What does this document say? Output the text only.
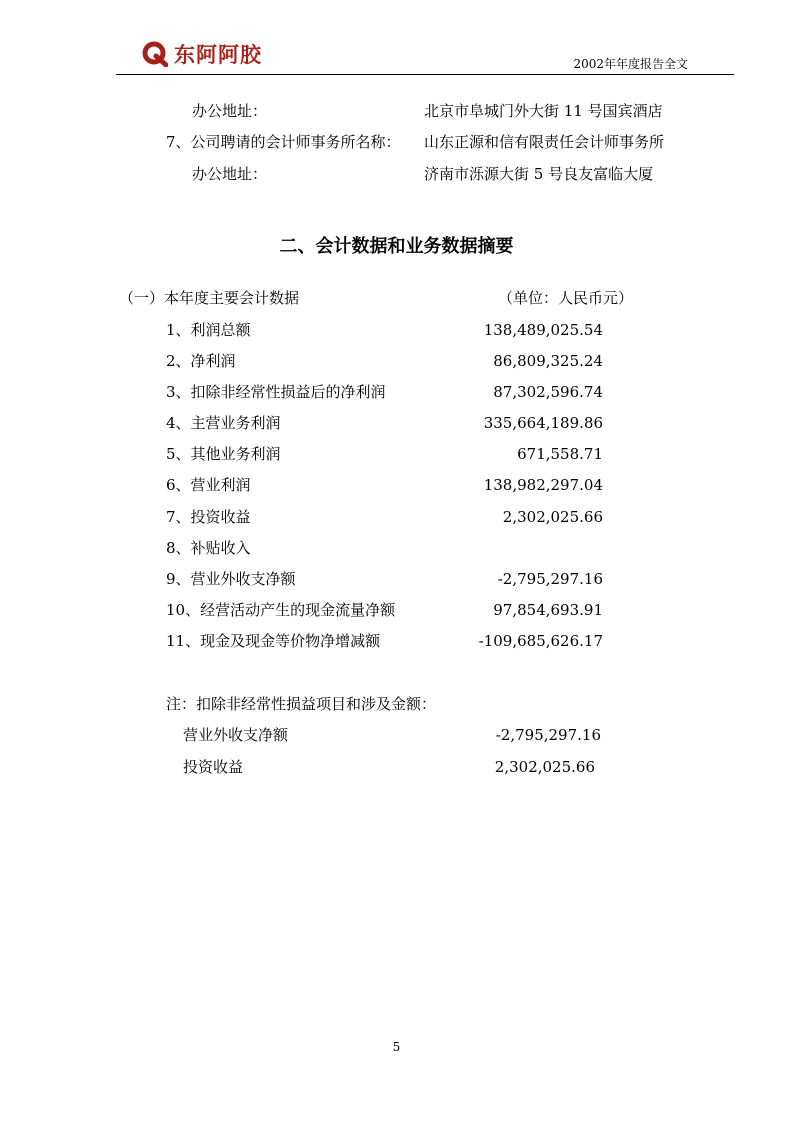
东阿阿胶	2002年年度报告全文
办公地址：	北京市阜城门外大街 11 号国宾酒店
7、公司聘请的会计师事务所名称： 山东正源和信有限责任会计师事务所
办公地址：	济南市泺源大街 5 号良友富临大厦
二、会计数据和业务数据摘要
（一）本年度主要会计数据	（单位：人民币元）
1、利润总额	138,489,025.54
2、净利润	86,809,325.24
3、扣除非经常性损益后的净利润	87,302,596.74
4、主营业务利润	335,664,189.86
5、其他业务利润	671,558.71
6、营业利润	138,982,297.04
7、投资收益	2,302,025.66
8、补贴收入
9、营业外收支净额	-2,795,297.16
10、经营活动产生的现金流量净额	97,854,693.91
11、现金及现金等价物净增减额	-109,685,626.17
注：扣除非经常性损益项目和涉及金额：
营业外收支净额	-2,795,297.16
投资收益	2,302,025.66
5
